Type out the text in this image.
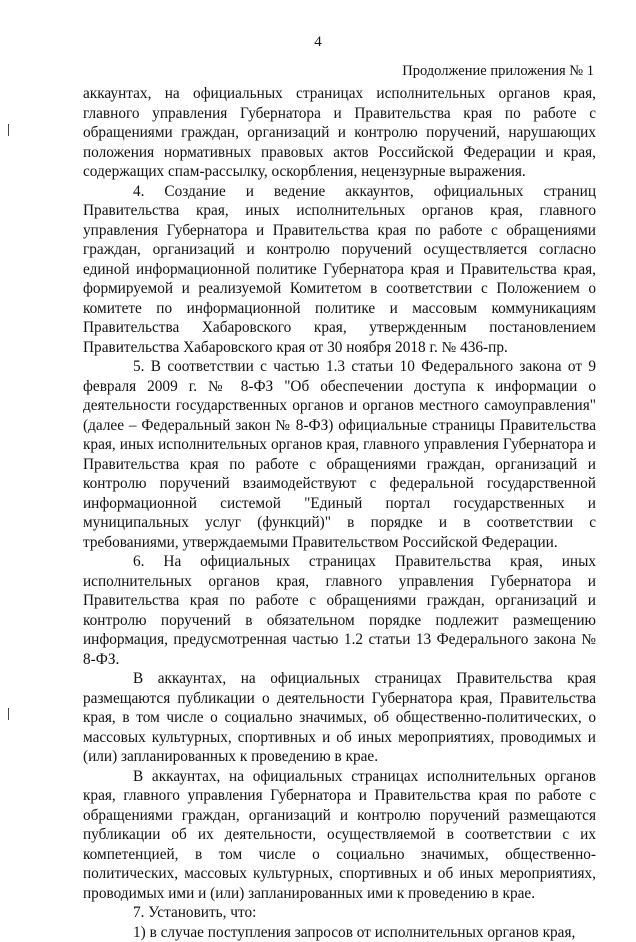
4
Продолжение приложения № 1

аккаунтах, на официальных страницах исполнительных органов края, главного управления Губернатора и Правительства края по работе с обращениями граждан, организаций и контролю поручений, нарушающих положения нормативных правовых актов Российской Федерации и края, содержащих спам-рассылку, оскорбления, нецензурные выражения.

4. Создание и ведение аккаунтов, официальных страниц Правительства края, иных исполнительных органов края, главного управления Губернатора и Правительства края по работе с обращениями граждан, организаций и контролю поручений осуществляется согласно единой информационной политике Губернатора края и Правительства края, формируемой и реализуемой Комитетом в соответствии с Положением о комитете по информационной политике и массовым коммуникациям Правительства Хабаровского края, утвержденным постановлением Правительства Хабаровского края от 30 ноября 2018 г. № 436-пр.

5. В соответствии с частью 1.3 статьи 10 Федерального закона от 9 февраля 2009 г. № 8-ФЗ "Об обеспечении доступа к информации о деятельности государственных органов и органов местного самоуправления" (далее – Федеральный закон № 8-ФЗ) официальные страницы Правительства края, иных исполнительных органов края, главного управления Губернатора и Правительства края по работе с обращениями граждан, организаций и контролю поручений взаимодействуют с федеральной государственной информационной системой "Единый портал государственных и муниципальных услуг (функций)" в порядке и в соответствии с требованиями, утверждаемыми Правительством Российской Федерации.

6. На официальных страницах Правительства края, иных исполнительных органов края, главного управления Губернатора и Правительства края по работе с обращениями граждан, организаций и контролю поручений в обязательном порядке подлежит размещению информация, предусмотренная частью 1.2 статьи 13 Федерального закона № 8-ФЗ.

В аккаунтах, на официальных страницах Правительства края размещаются публикации о деятельности Губернатора края, Правительства края, в том числе о социально значимых, об общественно-политических, о массовых культурных, спортивных и об иных мероприятиях, проводимых и (или) запланированных к проведению в крае.

В аккаунтах, на официальных страницах исполнительных органов края, главного управления Губернатора и Правительства края по работе с обращениями граждан, организаций и контролю поручений размещаются публикации об их деятельности, осуществляемой в соответствии с их компетенцией, в том числе о социально значимых, общественно-политических, массовых культурных, спортивных и об иных мероприятиях, проводимых ими и (или) запланированных ими к проведению в крае.

7. Установить, что:

1) в случае поступления запросов от исполнительных органов края,
